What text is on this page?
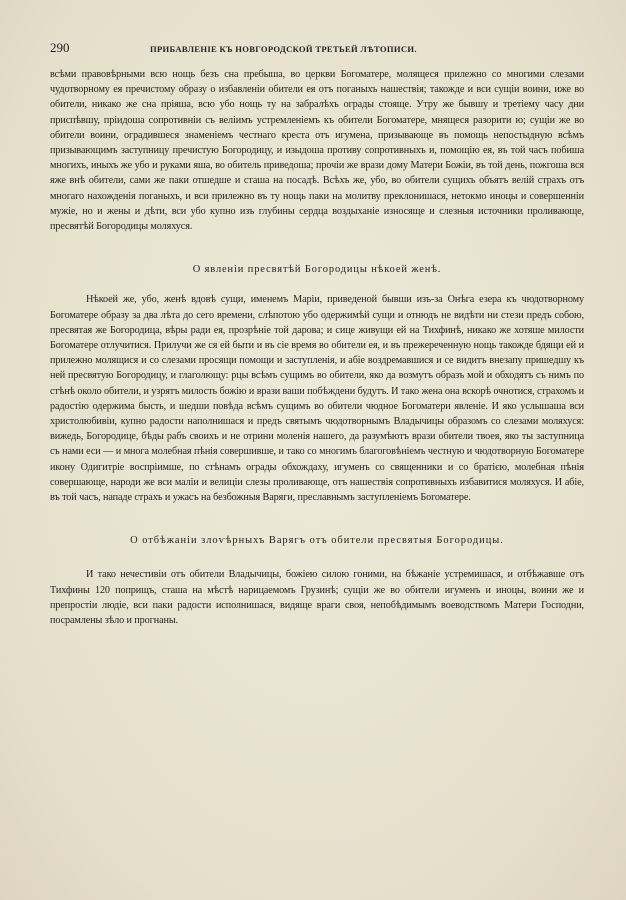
290	ПРИБАВЛЕНІЕ КЪ НОВГОРОДСКОЙ ТРЕТЬЕЙ ЛѢТОПИСИ.

всѣми правовѣрными всю нощь безъ сна пребыша, во церкви Богоматере, молящеся прилежно со многими слезами чудотворному ея пречистому образу о избавленіи обители ея отъ поганыхъ нашествія; такожде и вси сущіи воини, иже во обители, никако же сна пріяша, всю убо нощь ту на забралѣхъ ограды стояще. Утру же бывшу и третіему часу дни приспѣвшу, пріидоша сопротивніи съ велiимъ устремленіемъ къ обители Богоматере, мнящеся разорити ю; сущіи же во обители воини, оградившеся знаменіемъ честнаго креста отъ игумена, призывающе въ помощь непостыдную всѣмъ призывающимъ заступницу пречистую Богородицу, и изыдоша противу сопротивныхъ и, помощію ея, въ той часъ побиша многихъ, иныхъ же убо и руками яша, во обитель приведоша; прочіи же врази дому Матери Божіи, въ той день, пожгоша вся яже внѣ обители, сами же паки отшедше и сташа на посадѣ. Всѣхъ же, убо, во обители сущихъ объятъ велій страхъ отъ многаго нахожденія поганыхъ, и вси прилежно въ ту нощь паки на молитву преклонишася, нетокмо иноцы и совершенніи мужіе, но и жены и дѣти, вси убо купно изъ глубины сердца воздыханіе износяще и слезныя источники проливающе, пресвятѣй Богородицы моляхуся.

О явленіи пресвятѣй Богородицы нѣкоей женѣ.

Нѣкоей же, убо, женѣ вдовѣ сущи, именемъ Маріи, приведеной бывши изъ-за Онѣга езера къ чюдотворному Богоматере образу за два лѣта до сего времени, слѣпотою убо одержимѣй сущи и отнюдъ не видѣти ни стези предъ собою, пресвятая же Богородица, вѣры ради ея, прозрѣніе той дарова; и сице живущи ей на Тихфинѣ, никако же хотяше милости Богоматере отлучитися. Прилучи же ся ей быти и въ сіе время во обители ея, и въ прежереченную нощь такожде бдящи ей и прилежно молящися и со слезами просящи помощи и заступленія, и абіе воздремавшися и се видитъ внезапу пришедшу къ ней пресвятую Богородицу, и глаголющу: рцы всѣмъ сущимъ во обители, яко да возмутъ образъ мой и обходятъ съ нимъ по стѣнѣ около обители, и узрятъ милость божію и врази ваши побѣждени будутъ. И тако жена она вскорѣ очнотися, страхомъ и радостію одержима бысть, и шедши повѣда всѣмъ сущимъ во обители чюдное Богоматери явленіе. И яко услышаша вси христолюбивіи, купно радости наполнишася и предъ святымъ чюдотворнымъ Владычицы образомъ со слезами моляхуся: вижедь, Богородице, бѣды рабъ своихъ и не отрини моленія нашего, да разумѣютъ врази обители твоея, яко ты заступница съ нами еси — и многа молебная пѣнія совершивше, и тако со многимъ благоговѣніемъ честную и чюдотворную Богоматере икону Одигитріе воспріимше, по стѣнамъ ограды обхождаху, игуменъ со священники и со братією, молебная пѣнія совершающе, народи же вси малiи и велицiи слезы проливающе, отъ нашествія сопротивныхъ избавитися моляхуся. И абіе, въ той часъ, нападе страхъ и ужасъ на безбожныя Варяги, преславнымъ заступленіемъ Богоматере.

О отбѣжаніи злоѵѣрныхъ Варягъ отъ обители пресвятыя Богородицы.

И тако нечестивіи отъ обители Владычицы, божіею силою гоними, на бѣжаніе устремишася, и отбѣжавше отъ Тихфины 120 поприщъ, сташа на мѣстѣ нарицаемомъ Грузинѣ; сущіи же во обители игуменъ и иноцы, воини же и препростіи людіе, вси паки радости исполнишася, видяще враги своя, непобѣдимымъ воеводствомъ Матери Господни, посрамлены зѣло и прогнаны.
